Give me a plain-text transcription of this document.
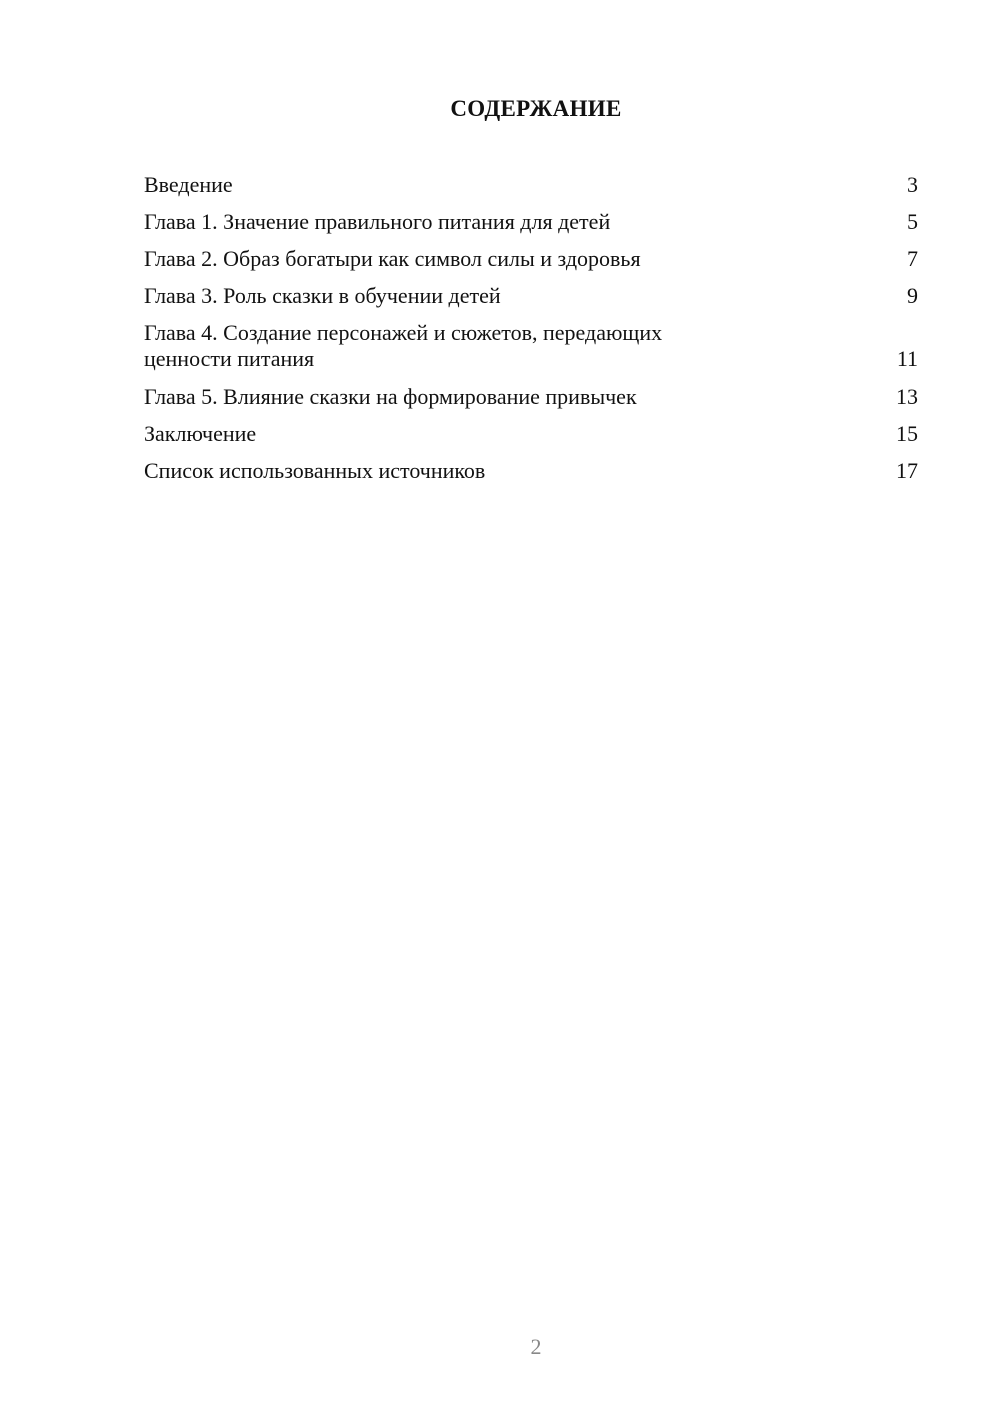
СОДЕРЖАНИЕ
Введение	3
Глава 1. Значение правильного питания для детей	5
Глава 2. Образ богатыри как символ силы и здоровья	7
Глава 3. Роль сказки в обучении детей	9
Глава 4. Создание персонажей и сюжетов, передающих ценности питания	11
Глава 5. Влияние сказки на формирование привычек	13
Заключение	15
Список использованных источников	17
2
